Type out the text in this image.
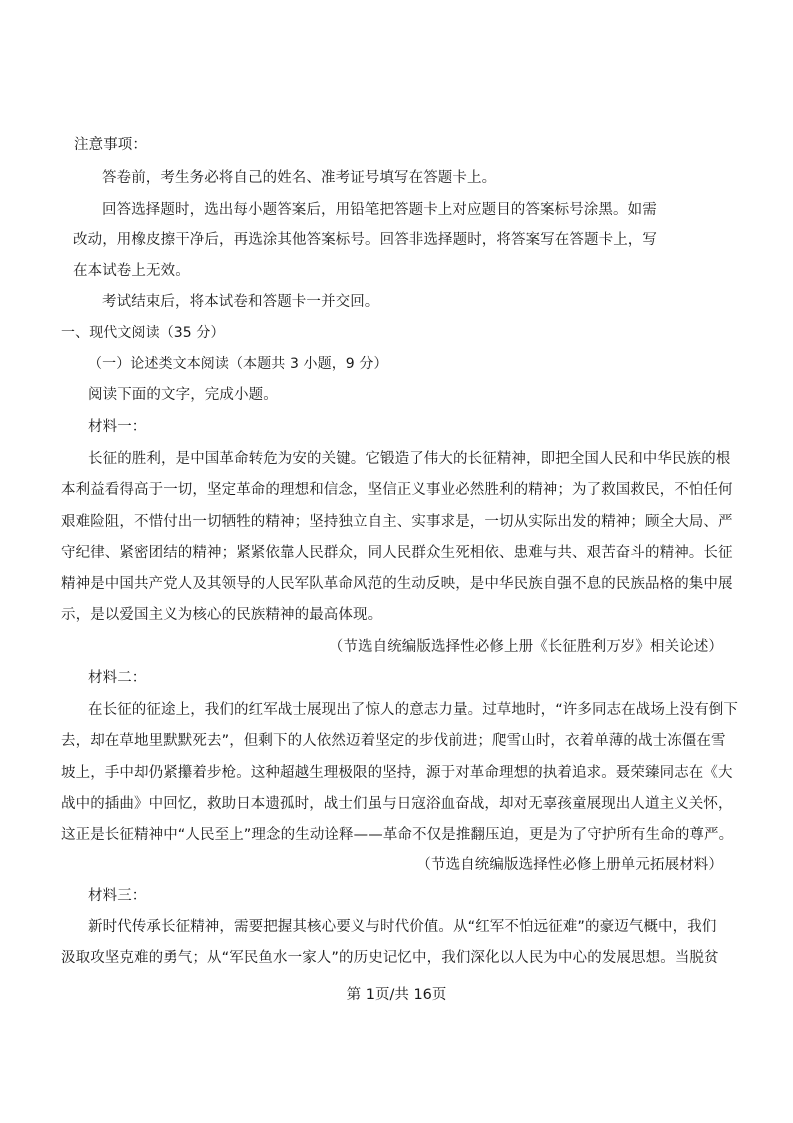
注意事项：
答卷前，考生务必将自己的姓名、准考证号填写在答题卡上。
回答选择题时，选出每小题答案后，用铅笔把答题卡上对应题目的答案标号涂黑。如需
改动，用橡皮擦干净后，再选涂其他答案标号。回答非选择题时，将答案写在答题卡上，写
在本试卷上无效。
考试结束后，将本试卷和答题卡一并交回。
一、现代文阅读（35 分）
（一）论述类文本阅读（本题共 3 小题，9 分）
阅读下面的文字，完成小题。
材料一：
长征的胜利，是中国革命转危为安的关键。它锻造了伟大的长征精神，即把全国人民和中华民族的根
本利益看得高于一切，坚定革命的理想和信念，坚信正义事业必然胜利的精神；为了救国救民，不怕任何
艰难险阻，不惜付出一切牺牲的精神；坚持独立自主、实事求是，一切从实际出发的精神；顾全大局、严
守纪律、紧密团结的精神；紧紧依靠人民群众，同人民群众生死相依、患难与共、艰苦奋斗的精神。长征
精神是中国共产党人及其领导的人民军队革命风范的生动反映，是中华民族自强不息的民族品格的集中展
示，是以爱国主义为核心的民族精神的最高体现。
（节选自统编版选择性必修上册《长征胜利万岁》相关论述）
材料二：
在长征的征途上，我们的红军战士展现出了惊人的意志力量。过草地时，“许多同志在战场上没有倒下
去，却在草地里默默死去”，但剩下的人依然迈着坚定的步伐前进；爬雪山时，衣着单薄的战士冻僵在雪
坡上，手中却仍紧攥着步枪。这种超越生理极限的坚持，源于对革命理想的执着追求。聂荣臻同志在《大
战中的插曲》中回忆，救助日本遗孤时，战士们虽与日寇浴血奋战，却对无辜孩童展现出人道主义关怀，
这正是长征精神中“人民至上”理念的生动诠释——革命不仅是推翻压迫，更是为了守护所有生命的尊严。
（节选自统编版选择性必修上册单元拓展材料）
材料三：
新时代传承长征精神，需要把握其核心要义与时代价值。从“红军不怕远征难”的豪迈气概中，我们
汲取攻坚克难的勇气；从“军民鱼水一家人”的历史记忆中，我们深化以人民为中心的发展思想。当脱贫
第 1页/共 16页
